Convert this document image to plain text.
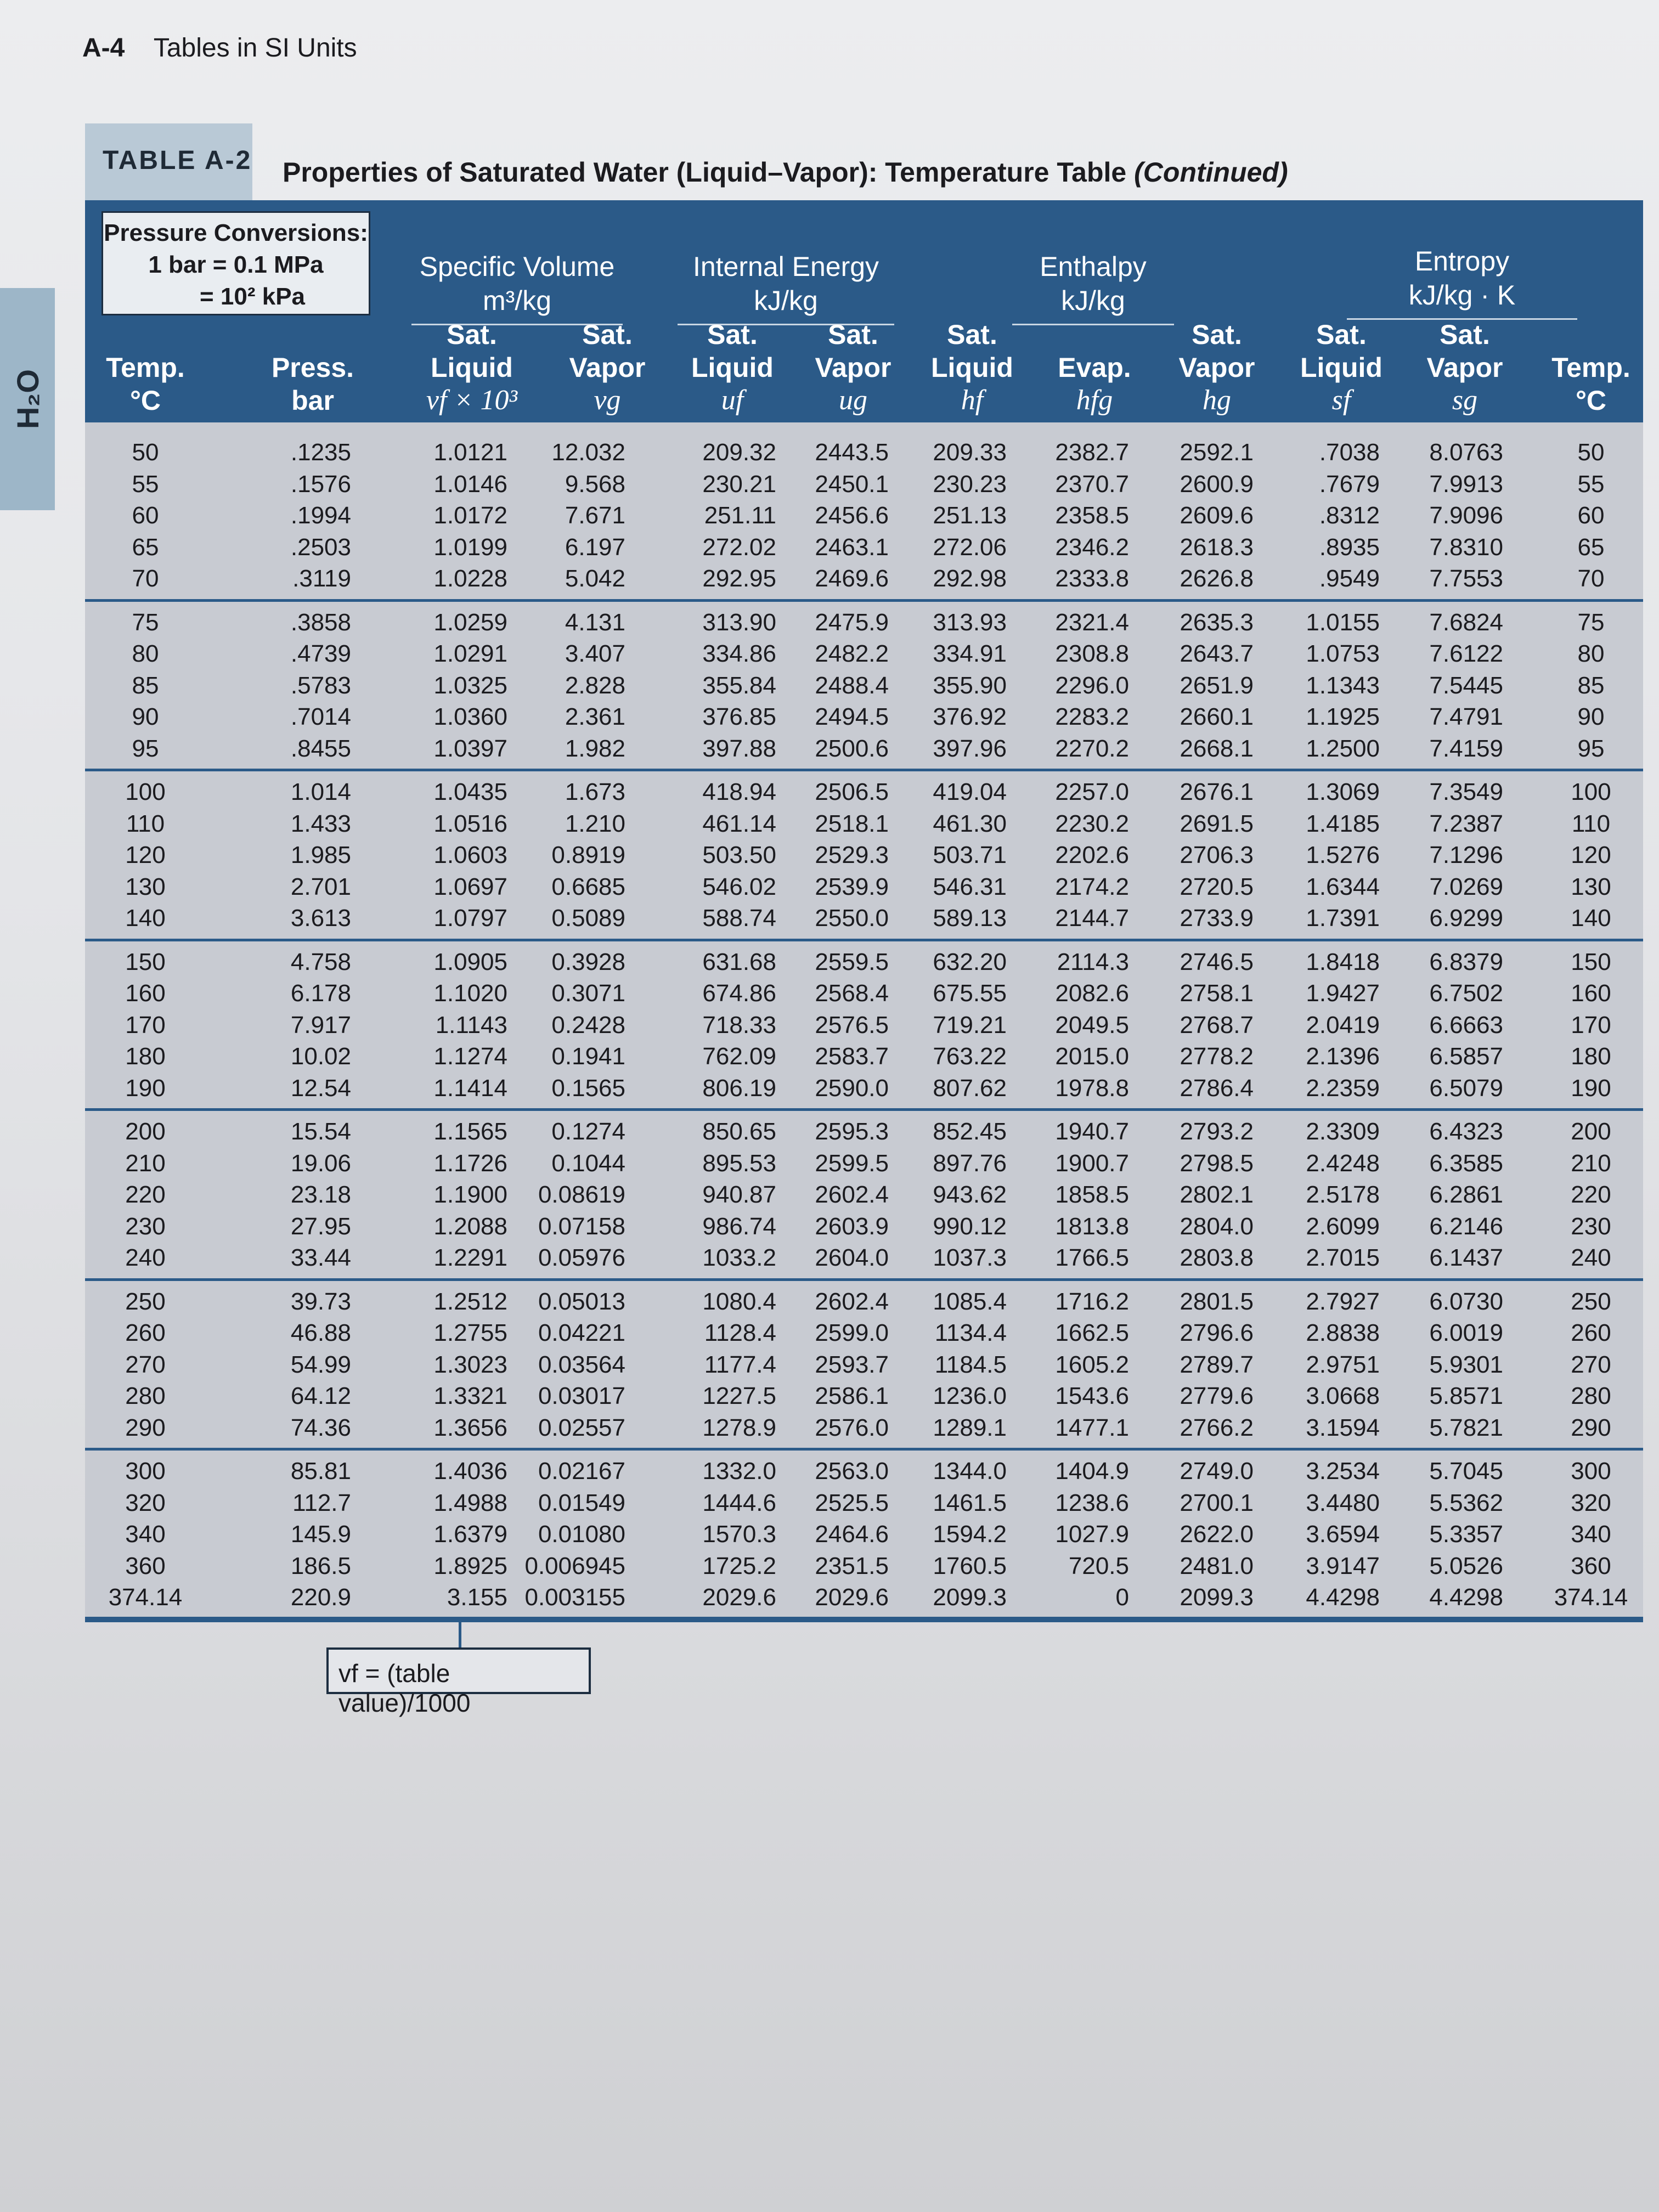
A-4 Tables in SI Units
H₂O
TABLE A-2 Properties of Saturated Water (Liquid–Vapor): Temperature Table (Continued)
Pressure Conversions:
1 bar = 0.1 MPa
= 10² kPa
Specific Volume
m³/kg
Internal Energy
kJ/kg
Enthalpy
kJ/kg
Entropy
kJ/kg · K
Temp.
°C
Press.
bar
Sat.
Liquid
vf × 10³
Sat.
Vapor
vg
Sat.
Liquid
uf
Sat.
Vapor
ug
Sat.
Liquid
hf
Evap.
hfg
Sat.
Vapor
hg
Sat.
Liquid
sf
Sat.
Vapor
sg
Temp.
°C
50	.1235	1.0121	12.032	209.32	2443.5	209.33	2382.7	2592.1	.7038	8.0763	50
55	.1576	1.0146	9.568	230.21	2450.1	230.23	2370.7	2600.9	.7679	7.9913	55
60	.1994	1.0172	7.671	251.11	2456.6	251.13	2358.5	2609.6	.8312	7.9096	60
65	.2503	1.0199	6.197	272.02	2463.1	272.06	2346.2	2618.3	.8935	7.8310	65
70	.3119	1.0228	5.042	292.95	2469.6	292.98	2333.8	2626.8	.9549	7.7553	70
75	.3858	1.0259	4.131	313.90	2475.9	313.93	2321.4	2635.3	1.0155	7.6824	75
80	.4739	1.0291	3.407	334.86	2482.2	334.91	2308.8	2643.7	1.0753	7.6122	80
85	.5783	1.0325	2.828	355.84	2488.4	355.90	2296.0	2651.9	1.1343	7.5445	85
90	.7014	1.0360	2.361	376.85	2494.5	376.92	2283.2	2660.1	1.1925	7.4791	90
95	.8455	1.0397	1.982	397.88	2500.6	397.96	2270.2	2668.1	1.2500	7.4159	95
100	1.014	1.0435	1.673	418.94	2506.5	419.04	2257.0	2676.1	1.3069	7.3549	100
110	1.433	1.0516	1.210	461.14	2518.1	461.30	2230.2	2691.5	1.4185	7.2387	110
120	1.985	1.0603	0.8919	503.50	2529.3	503.71	2202.6	2706.3	1.5276	7.1296	120
130	2.701	1.0697	0.6685	546.02	2539.9	546.31	2174.2	2720.5	1.6344	7.0269	130
140	3.613	1.0797	0.5089	588.74	2550.0	589.13	2144.7	2733.9	1.7391	6.9299	140
150	4.758	1.0905	0.3928	631.68	2559.5	632.20	2114.3	2746.5	1.8418	6.8379	150
160	6.178	1.1020	0.3071	674.86	2568.4	675.55	2082.6	2758.1	1.9427	6.7502	160
170	7.917	1.1143	0.2428	718.33	2576.5	719.21	2049.5	2768.7	2.0419	6.6663	170
180	10.02	1.1274	0.1941	762.09	2583.7	763.22	2015.0	2778.2	2.1396	6.5857	180
190	12.54	1.1414	0.1565	806.19	2590.0	807.62	1978.8	2786.4	2.2359	6.5079	190
200	15.54	1.1565	0.1274	850.65	2595.3	852.45	1940.7	2793.2	2.3309	6.4323	200
210	19.06	1.1726	0.1044	895.53	2599.5	897.76	1900.7	2798.5	2.4248	6.3585	210
220	23.18	1.1900	0.08619	940.87	2602.4	943.62	1858.5	2802.1	2.5178	6.2861	220
230	27.95	1.2088	0.07158	986.74	2603.9	990.12	1813.8	2804.0	2.6099	6.2146	230
240	33.44	1.2291	0.05976	1033.2	2604.0	1037.3	1766.5	2803.8	2.7015	6.1437	240
250	39.73	1.2512	0.05013	1080.4	2602.4	1085.4	1716.2	2801.5	2.7927	6.0730	250
260	46.88	1.2755	0.04221	1128.4	2599.0	1134.4	1662.5	2796.6	2.8838	6.0019	260
270	54.99	1.3023	0.03564	1177.4	2593.7	1184.5	1605.2	2789.7	2.9751	5.9301	270
280	64.12	1.3321	0.03017	1227.5	2586.1	1236.0	1543.6	2779.6	3.0668	5.8571	280
290	74.36	1.3656	0.02557	1278.9	2576.0	1289.1	1477.1	2766.2	3.1594	5.7821	290
300	85.81	1.4036	0.02167	1332.0	2563.0	1344.0	1404.9	2749.0	3.2534	5.7045	300
320	112.7	1.4988	0.01549	1444.6	2525.5	1461.5	1238.6	2700.1	3.4480	5.5362	320
340	145.9	1.6379	0.01080	1570.3	2464.6	1594.2	1027.9	2622.0	3.6594	5.3357	340
360	186.5	1.8925 0.006945	1725.2	2351.5	1760.5	720.5	2481.0	3.9147	5.0526	360
374.14	220.9	3.155 0.003155	2029.6	2029.6	2099.3	0	2099.3	4.4298	4.4298	374.14
vf = (table value)/1000
